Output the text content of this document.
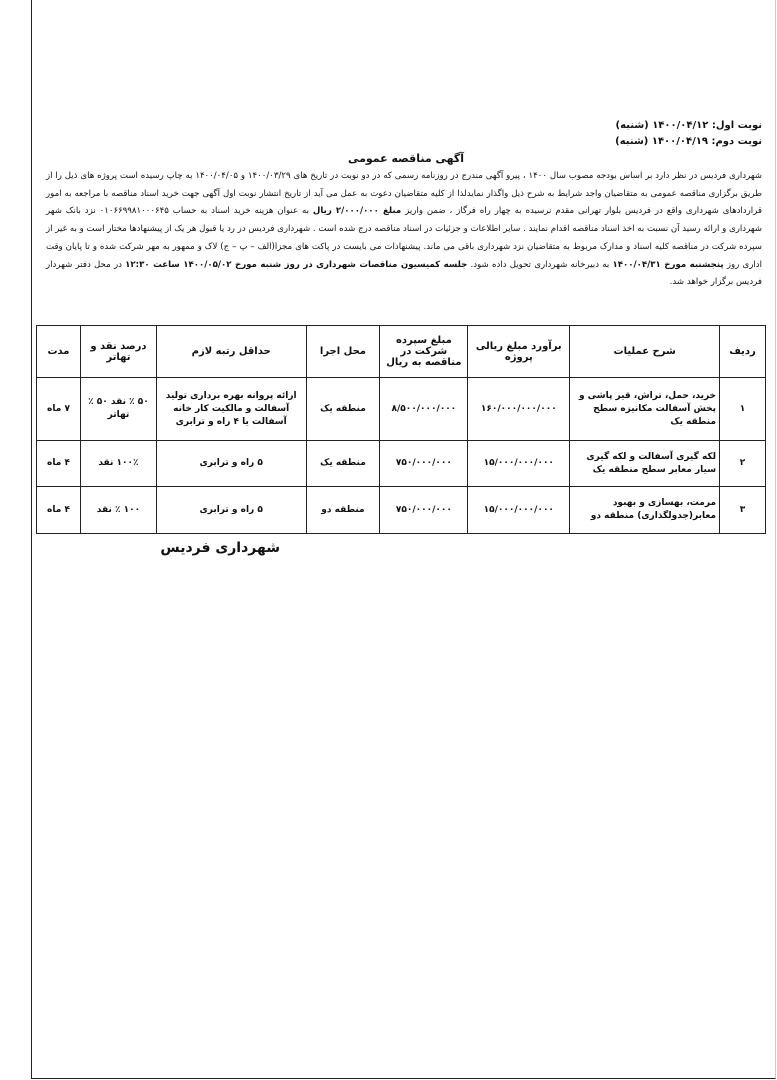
نوبت اول: ۱۴۰۰/۰۴/۱۲ (شنبه)
نوبت دوم: ۱۴۰۰/۰۴/۱۹ (شنبه)
آگهی مناقصه عمومی
شهرداری فردیس در نظر دارد بر اساس بودجه مصوب سال ۱۴۰۰ ، پیرو آگهی مندرج در روزنامه رسمی که در دو نوبت در تاریخ های ۱۴۰۰/۰۳/۲۹ و ۱۴۰۰/۰۴/۰۵ به چاپ رسیده است پروژه های ذیل را از طریق برگزاری مناقصه عمومی به متقاضیان واجد شرایط به شرح ذیل واگذار نمایدلذا از کلیه متقاضیان دعوت به عمل می آید از تاریخ انتشار نوبت اول آگهی جهت خرید اسناد مناقصه با مراجعه به امور قراردادهای شهرداری واقع در فردیس بلوار تهرانی مقدم نرسیده به چهار راه فرگاز ، ضمن واریز مبلغ ۲/۰۰۰/۰۰۰ ریال به عنوان هزینه خرید اسناد به حساب ۰۱۰۶۶۹۹۸۱۰۰۰۶۴۵ نزد بانک شهر شهرداری و ارائه رسید آن نسبت به اخذ اسناد مناقصه اقدام نمایند . سایر اطلاعات و جزئیات در اسناد مناقصه درج شده است . شهرداری فردیس در رد یا قبول هر یک از پیشنهادها مختار است و به غیر از سپرده شرکت در مناقصه کلیه اسناد و مدارک مربوط به متقاضیان نزد شهرداری باقی می ماند. پیشنهادات می بایست در پاکت های مجزا(الف – پ – ج) لاک و ممهور به مهر شرکت شده و تا پایان وقت اداری روز پنجشنبه مورخ ۱۴۰۰/۰۴/۳۱ به دبیرخانه شهرداری تحویل داده شود. جلسه کمیسیون مناقصات شهرداری در روز شنبه مورخ ۱۴۰۰/۰۵/۰۲ ساعت ۱۲:۳۰ در محل دفتر شهردار فردیس برگزار خواهد شد.
ردیف	شرح عملیات	برآورد مبلغ ریالی پروژه	مبلغ سپرده شرکت در مناقصه به ریال	محل اجرا	حداقل رتبه لازم	درصد نقد و تهاتر	مدت
۱	خرید، حمل، تراش، قیر پاشی و پخش آسفالت مکانیزه سطح منطقه یک	۱۶۰/۰۰۰/۰۰۰/۰۰۰	۸/۵۰۰/۰۰۰/۰۰۰	منطقه یک	ارائه پروانه بهره برداری تولید آسفالت و مالکیت کار خانه آسفالت یا ۴ راه و ترابری	۵۰ ٪ نقد ۵۰ ٪ تهاتر	۷ ماه
۲	لکه گیری آسفالت و لکه گیری سیار معابر سطح منطقه یک	۱۵/۰۰۰/۰۰۰/۰۰۰	۷۵۰/۰۰۰/۰۰۰	منطقه یک	۵ راه و ترابری	۱۰۰٪ نقد	۴ ماه
۳	مرمت، بهسازی و بهبود معابر(جدولگذاری) منطقه دو	۱۵/۰۰۰/۰۰۰/۰۰۰	۷۵۰/۰۰۰/۰۰۰	منطقه دو	۵ راه و ترابری	۱۰۰ ٪ نقد	۴ ماه
شهرداری فردیس
